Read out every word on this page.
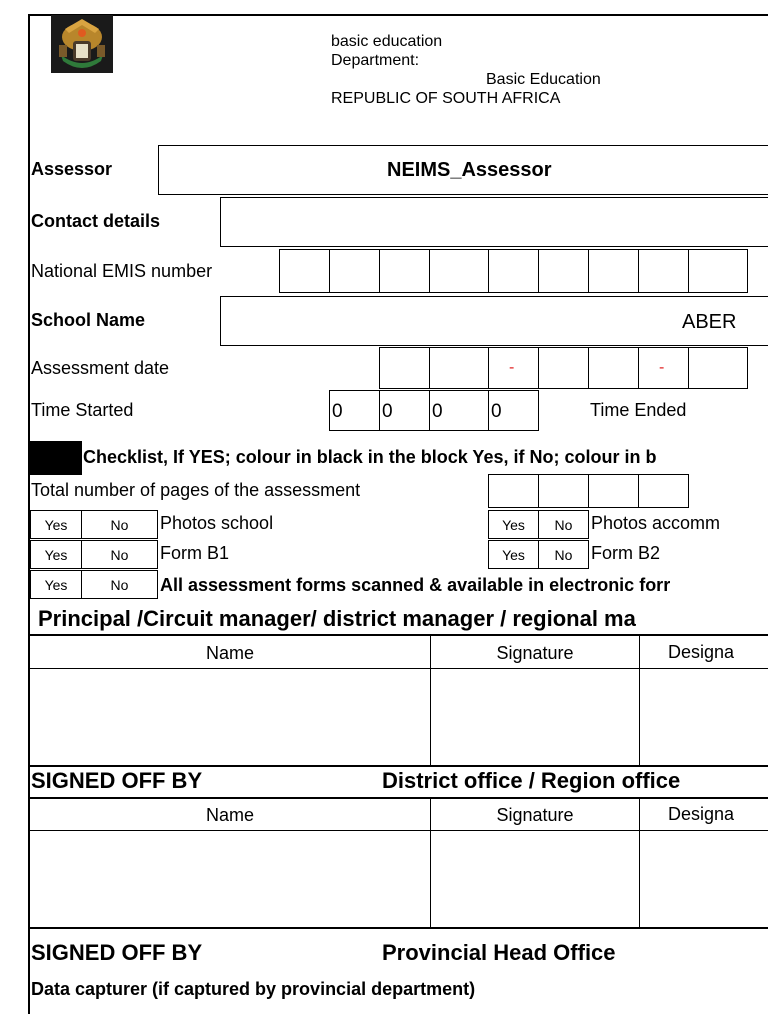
basic education
Department:
Basic Education
REPUBLIC OF SOUTH AFRICA
Assessor	NEIMS_Assessor
Contact details
National EMIS number
School Name	ABER
Assessment date	-	-
Time Started	0 0 0	0	Time Ended
Checklist, If YES; colour in black in the block Yes, if No; colour in b
Total number of pages of the assessment
Yes	No	Photos school	Yes	No	Photos accomm
Yes	No	Form B1	Yes	No	Form B2
Yes	No	All assessment forms scanned & available in electronic forr
Principal /Circuit manager/ district manager / regional ma
Name	Signature	Designa
SIGNED OFF BY	District office / Region office
Name	Signature	Designa
SIGNED OFF BY	Provincial Head Office
Data capturer (if captured by provincial department)
